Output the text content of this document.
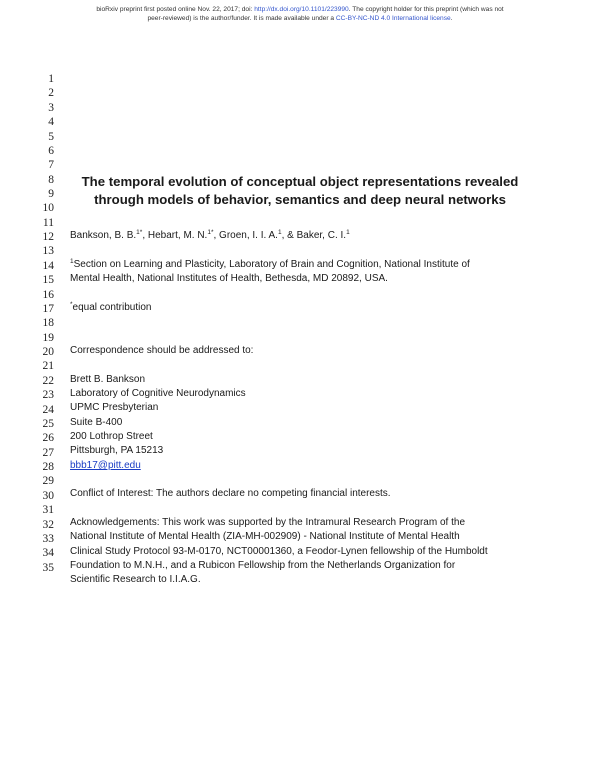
bioRxiv preprint first posted online Nov. 22, 2017; doi: http://dx.doi.org/10.1101/223990. The copyright holder for this preprint (which was not
peer-reviewed) is the author/funder. It is made available under a CC-BY-NC-ND 4.0 International license.
1
2
3
4
5
6
7
8
9
10
11
12
13
14
15
16
17
18
19
20
21
22
23
24
25
26
27
28
29
30
31
32
33
34
35
The temporal evolution of conceptual object representations revealed
through models of behavior, semantics and deep neural networks
Bankson, B. B.$^{1*}$, Hebart, M. N.$^{1*}$, Groen, I. I. A.$^1$, & Baker, C. I.$^1$
$^1$Section on Learning and Plasticity, Laboratory of Brain and Cognition, National Institute of
Mental Health, National Institutes of Health, Bethesda, MD 20892, USA.
*equal contribution
Correspondence should be addressed to:
Brett B. Bankson
Laboratory of Cognitive Neurodynamics
UPMC Presbyterian
Suite B-400
200 Lothrop Street
Pittsburgh, PA 15213
bbb17@pitt.edu
Conflict of Interest: The authors declare no competing financial interests.
Acknowledgements: This work was supported by the Intramural Research Program of the
National Institute of Mental Health (ZIA-MH-002909) - National Institute of Mental Health
Clinical Study Protocol 93-M-0170, NCT00001360, a Feodor-Lynen fellowship of the Humboldt
Foundation to M.N.H., and a Rubicon Fellowship from the Netherlands Organization for
Scientific Research to I.I.A.G.
